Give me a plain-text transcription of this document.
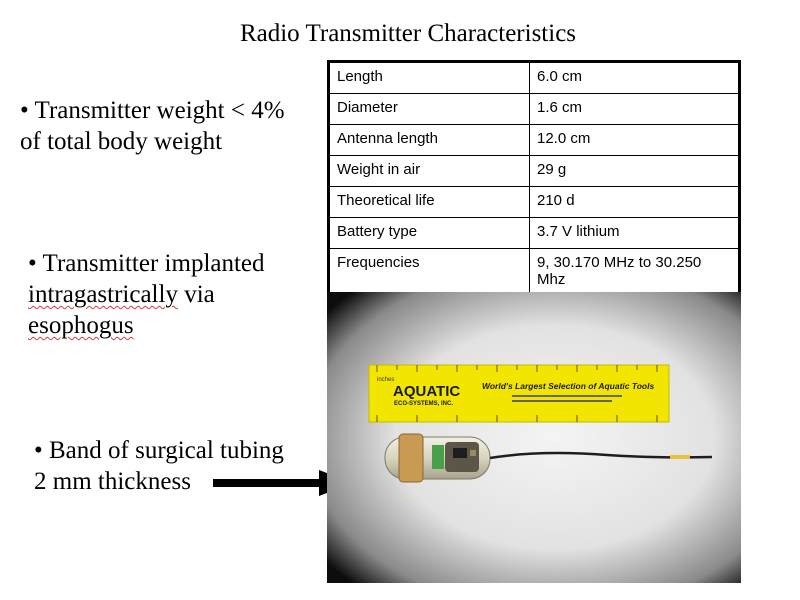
Radio Transmitter Characteristics
• Transmitter weight < 4%
of total body weight
• Transmitter implanted
intragastrically via
esophogus
• Band of surgical tubing
2 mm thickness
Length	6.0 cm
Diameter	1.6 cm
Antenna length	12.0 cm
Weight in air	29 g
Theoretical life	210 d
Battery type	3.7 V lithium
Frequencies	9, 30.170 MHz to 30.250 Mhz
inches
AQUATIC
ECO-SYSTEMS, INC.
World's Largest Selection of Aquatic Tools
